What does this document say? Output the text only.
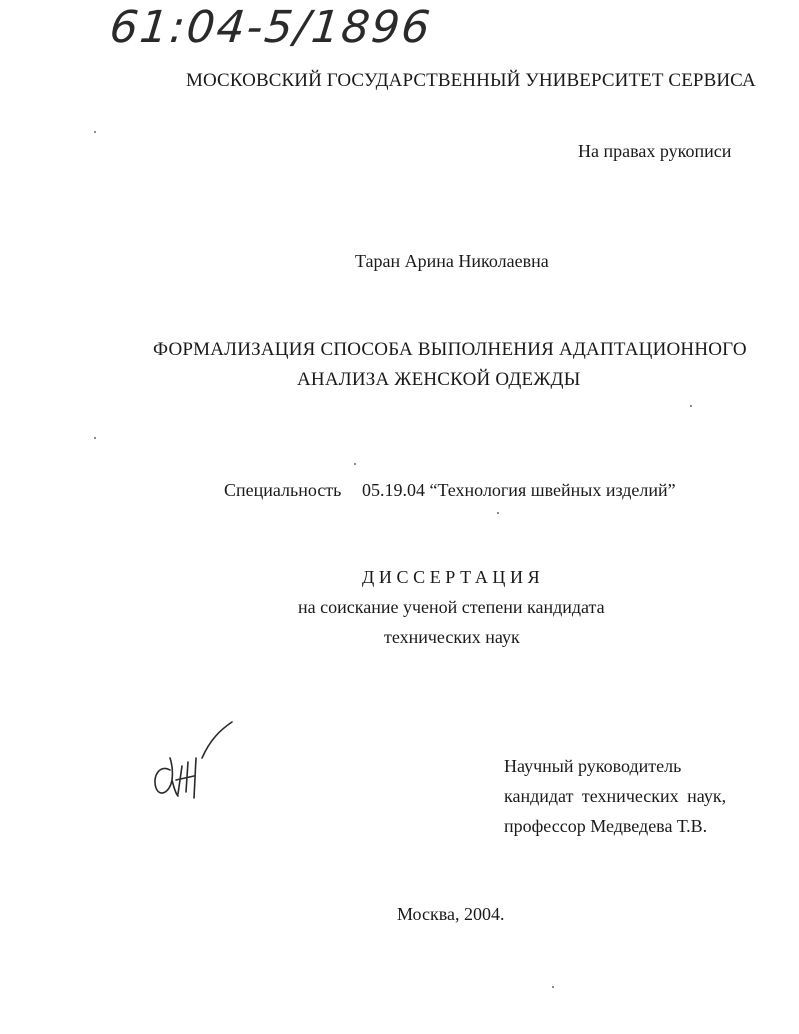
61:04-5/1896
МОСКОВСКИЙ ГОСУДАРСТВЕННЫЙ УНИВЕРСИТЕТ СЕРВИСА
На правах рукописи
Таран Арина Николаевна
ФОРМАЛИЗАЦИЯ СПОСОБА ВЫПОЛНЕНИЯ АДАПТАЦИОННОГО
АНАЛИЗА ЖЕНСКОЙ ОДЕЖДЫ
Специальность 05.19.04 “Технология швейных изделий”
ДИССЕРТАЦИЯ
на соискание ученой степени кандидата
технических наук
Научный руководитель
кандидат технических наук,
профессор Медведева Т.В.
Москва, 2004.
